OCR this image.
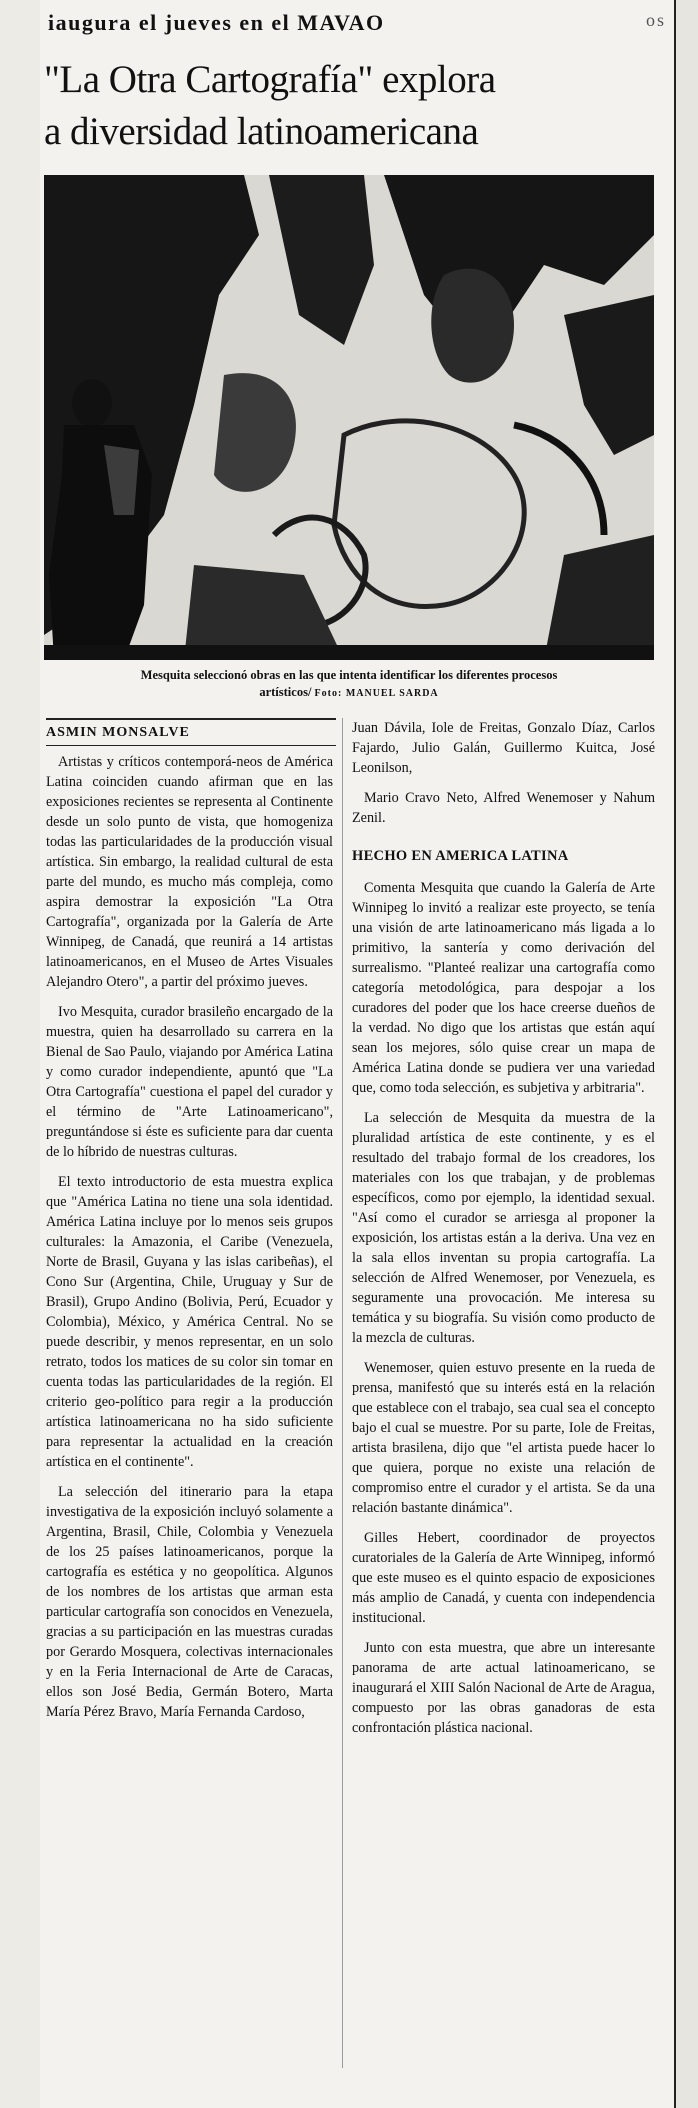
os
iaugura el jueves en el MAVAO
"La Otra Cartografía" explora
a diversidad latinoamericana
Mesquita seleccionó obras en las que intenta identificar los diferentes procesos
artísticos/ Foto: MANUEL SARDA
ASMIN MONSALVE

Artistas y críticos contemporá-neos de América Latina coinciden cuando afirman que en las exposiciones recientes se representa al Continente desde un solo punto de vista, que homogeniza todas las particularidades de la producción visual artística. Sin embargo, la realidad cultural de esta parte del mundo, es mucho más compleja, como aspira demostrar la exposición "La Otra Cartografía", organizada por la Galería de Arte Winnipeg, de Canadá, que reunirá a 14 artistas latinoamericanos, en el Museo de Artes Visuales Alejandro Otero", a partir del próximo jueves.

Ivo Mesquita, curador brasileño encargado de la muestra, quien ha desarrollado su carrera en la Bienal de Sao Paulo, viajando por América Latina y como curador independiente, apuntó que "La Otra Cartografía" cuestiona el papel del curador y el término de "Arte Latinoamericano", preguntándose si éste es suficiente para dar cuenta de lo híbrido de nuestras culturas.

El texto introductorio de esta muestra explica que "América Latina no tiene una sola identidad. América Latina incluye por lo menos seis grupos culturales: la Amazonia, el Caribe (Venezuela, Norte de Brasil, Guyana y las islas caribeñas), el Cono Sur (Argentina, Chile, Uruguay y Sur de Brasil), Grupo Andino (Bolivia, Perú, Ecuador y Colombia), México, y América Central. No se puede describir, y menos representar, en un solo retrato, todos los matices de su color sin tomar en cuenta todas las particularidades de la región. El criterio geo-político para regir a la producción artística latinoamericana no ha sido suficiente para representar la actualidad en la creación artística en el continente".

La selección del itinerario para la etapa investigativa de la exposición incluyó solamente a Argentina, Brasil, Chile, Colombia y Venezuela de los 25 países latinoamericanos, porque la cartografía es estética y no geopolítica. Algunos de los nombres de los artistas que arman esta particular cartografía son conocidos en Venezuela, gracias a su participación en las muestras curadas por Gerardo Mosquera, colectivas internacionales y en la Feria Internacional de Arte de Caracas, ellos son José Bedia, Germán Botero, Marta María Pérez Bravo, María Fernanda Cardoso,

Juan Dávila, Iole de Freitas, Gonzalo Díaz, Carlos Fajardo, Julio Galán, Guillermo Kuitca, José Leonilson,

Mario Cravo Neto, Alfred Wenemoser y Nahum Zenil.

HECHO EN AMERICA LATINA

Comenta Mesquita que cuando la Galería de Arte Winnipeg lo invitó a realizar este proyecto, se tenía una visión de arte latinoamericano más ligada a lo primitivo, la santería y como derivación del surrealismo. "Planteé realizar una cartografía como categoría metodológica, para despojar a los curadores del poder que los hace creerse dueños de la verdad. No digo que los artistas que están aquí sean los mejores, sólo quise crear un mapa de América Latina donde se pudiera ver una variedad que, como toda selección, es subjetiva y arbitraria".

La selección de Mesquita da muestra de la pluralidad artística de este continente, y es el resultado del trabajo formal de los creadores, los materiales con los que trabajan, y de problemas específicos, como por ejemplo, la identidad sexual. "Así como el curador se arriesga al proponer la exposición, los artistas están a la deriva. Una vez en la sala ellos inventan su propia cartografía. La selección de Alfred Wenemoser, por Venezuela, es seguramente una provocación. Me interesa su temática y su biografía. Su visión como producto de la mezcla de culturas.

Wenemoser, quien estuvo presente en la rueda de prensa, manifestó que su interés está en la relación que establece con el trabajo, sea cual sea el concepto bajo el cual se muestre. Por su parte, Iole de Freitas, artista brasilena, dijo que "el artista puede hacer lo que quiera, porque no existe una relación de compromiso entre el curador y el artista. Se da una relación bastante dinámica".

Gilles Hebert, coordinador de proyectos curatoriales de la Galería de Arte Winnipeg, informó que este museo es el quinto espacio de exposiciones más amplio de Canadá, y cuenta con independencia institucional.

Junto con esta muestra, que abre un interesante panorama de arte actual latinoamericano, se inaugurará el XIII Salón Nacional de Arte de Aragua, compuesto por las obras ganadoras de esta confrontación plástica nacional.
